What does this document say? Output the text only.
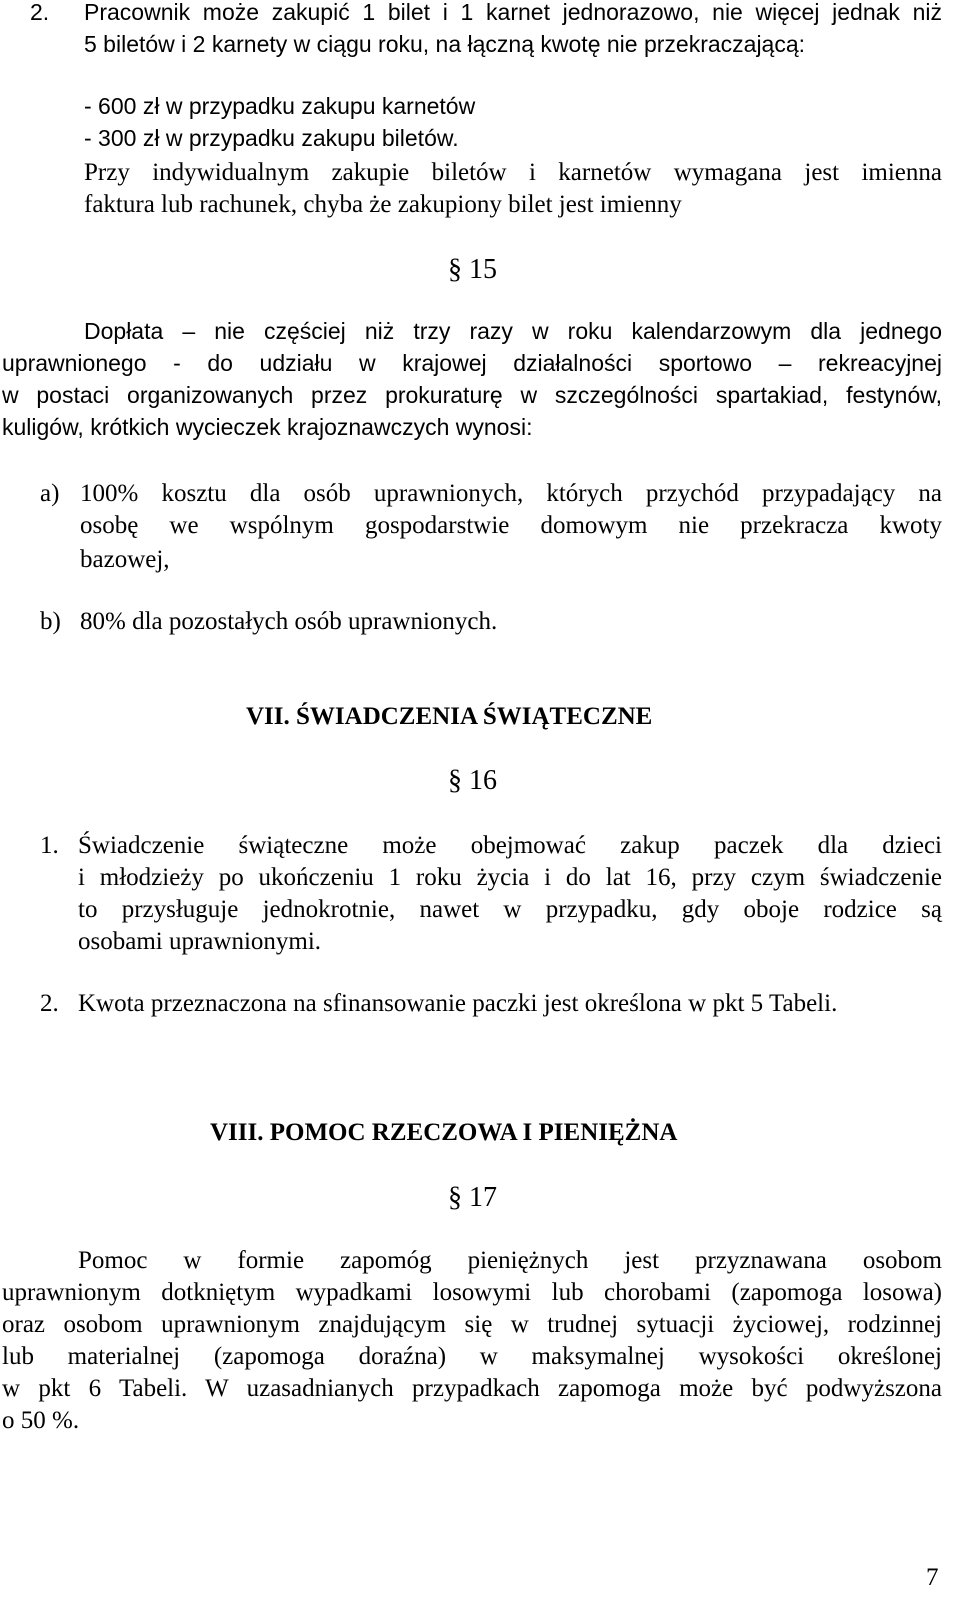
2. Pracownik może zakupić 1 bilet i 1 karnet jednorazowo, nie więcej jednak niż
5 biletów i 2 karnety w ciągu roku, na łączną kwotę nie przekraczającą:
- 600 zł w przypadku zakupu karnetów
- 300 zł w przypadku zakupu biletów.
Przy indywidualnym zakupie biletów i karnetów wymagana jest imienna
faktura lub rachunek, chyba że zakupiony bilet jest imienny
§ 15
Dopłata – nie częściej niż trzy razy w roku kalendarzowym dla jednego
uprawnionego - do udziału w krajowej działalności sportowo – rekreacyjnej
w postaci organizowanych przez prokuraturę w szczególności spartakiad, festynów,
kuligów, krótkich wycieczek krajoznawczych wynosi:
a) 100% kosztu dla osób uprawnionych, których przychód przypadający na
osobę we wspólnym gospodarstwie domowym nie przekracza kwoty
bazowej,
b) 80% dla pozostałych osób uprawnionych.
VII. ŚWIADCZENIA ŚWIĄTECZNE
§ 16
1. Świadczenie świąteczne może obejmować zakup paczek dla dzieci
i młodzieży po ukończeniu 1 roku życia i do lat 16, przy czym świadczenie
to przysługuje jednokrotnie, nawet w przypadku, gdy oboje rodzice są
osobami uprawnionymi.
2. Kwota przeznaczona na sfinansowanie paczki jest określona w pkt 5 Tabeli.
VIII. POMOC RZECZOWA I PIENIĘŻNA
§ 17
Pomoc w formie zapomóg pieniężnych jest przyznawana osobom
uprawnionym dotkniętym wypadkami losowymi lub chorobami (zapomoga losowa)
oraz osobom uprawnionym znajdującym się w trudnej sytuacji życiowej, rodzinnej
lub materialnej (zapomoga doraźna) w maksymalnej wysokości określonej
w pkt 6 Tabeli. W uzasadnianych przypadkach zapomoga może być podwyższona
o 50 %.
7
